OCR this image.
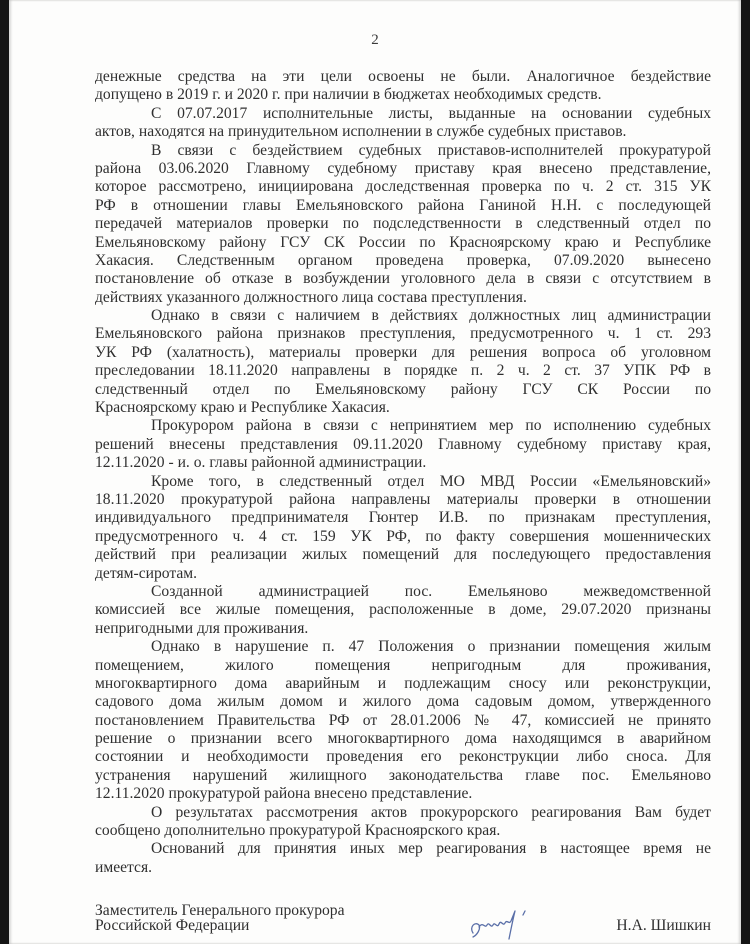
2
денежные средства на эти цели освоены не были. Аналогичное бездействие
допущено в 2019 г. и 2020 г. при наличии в бюджетах необходимых средств.
С 07.07.2017 исполнительные листы, выданные на основании судебных
актов, находятся на принудительном исполнении в службе судебных приставов.
В связи с бездействием судебных приставов-исполнителей прокуратурой
района 03.06.2020 Главному судебному приставу края внесено представление,
которое рассмотрено, инициирована доследственная проверка по ч. 2 ст. 315 УК
РФ в отношении главы Емельяновского района Ганиной Н.Н. с последующей
передачей материалов проверки по подследственности в следственный отдел по
Емельяновскому району ГСУ СК России по Красноярскому краю и Республике
Хакасия. Следственным органом проведена проверка, 07.09.2020 вынесено
постановление об отказе в возбуждении уголовного дела в связи с отсутствием в
действиях указанного должностного лица состава преступления.
Однако в связи с наличием в действиях должностных лиц администрации
Емельяновского района признаков преступления, предусмотренного ч. 1 ст. 293
УК РФ (халатность), материалы проверки для решения вопроса об уголовном
преследовании 18.11.2020 направлены в порядке п. 2 ч. 2 ст. 37 УПК РФ в
следственный отдел по Емельяновскому району ГСУ СК России по
Красноярскому краю и Республике Хакасия.
Прокурором района в связи с непринятием мер по исполнению судебных
решений внесены представления 09.11.2020 Главному судебному приставу края,
12.11.2020 - и. о. главы районной администрации.
Кроме того, в следственный отдел МО МВД России «Емельяновский»
18.11.2020 прокуратурой района направлены материалы проверки в отношении
индивидуального предпринимателя Гюнтер И.В. по признакам преступления,
предусмотренного ч. 4 ст. 159 УК РФ, по факту совершения мошеннических
действий при реализации жилых помещений для последующего предоставления
детям-сиротам.
Созданной администрацией пос. Емельяново межведомственной
комиссией все жилые помещения, расположенные в доме, 29.07.2020 признаны
непригодными для проживания.
Однако в нарушение п. 47 Положения о признании помещения жилым
помещением, жилого помещения непригодным для проживания,
многоквартирного дома аварийным и подлежащим сносу или реконструкции,
садового дома жилым домом и жилого дома садовым домом, утвержденного
постановлением Правительства РФ от 28.01.2006 № 47, комиссией не принято
решение о признании всего многоквартирного дома находящимся в аварийном
состоянии и необходимости проведения его реконструкции либо сноса. Для
устранения нарушений жилищного законодательства главе пос. Емельяново
12.11.2020 прокуратурой района внесено представление.
О результатах рассмотрения актов прокурорского реагирования Вам будет
сообщено дополнительно прокуратурой Красноярского края.
Оснований для принятия иных мер реагирования в настоящее время не
имеется.
Заместитель Генерального прокурора
Российской Федерации	Н.А. Шишкин
